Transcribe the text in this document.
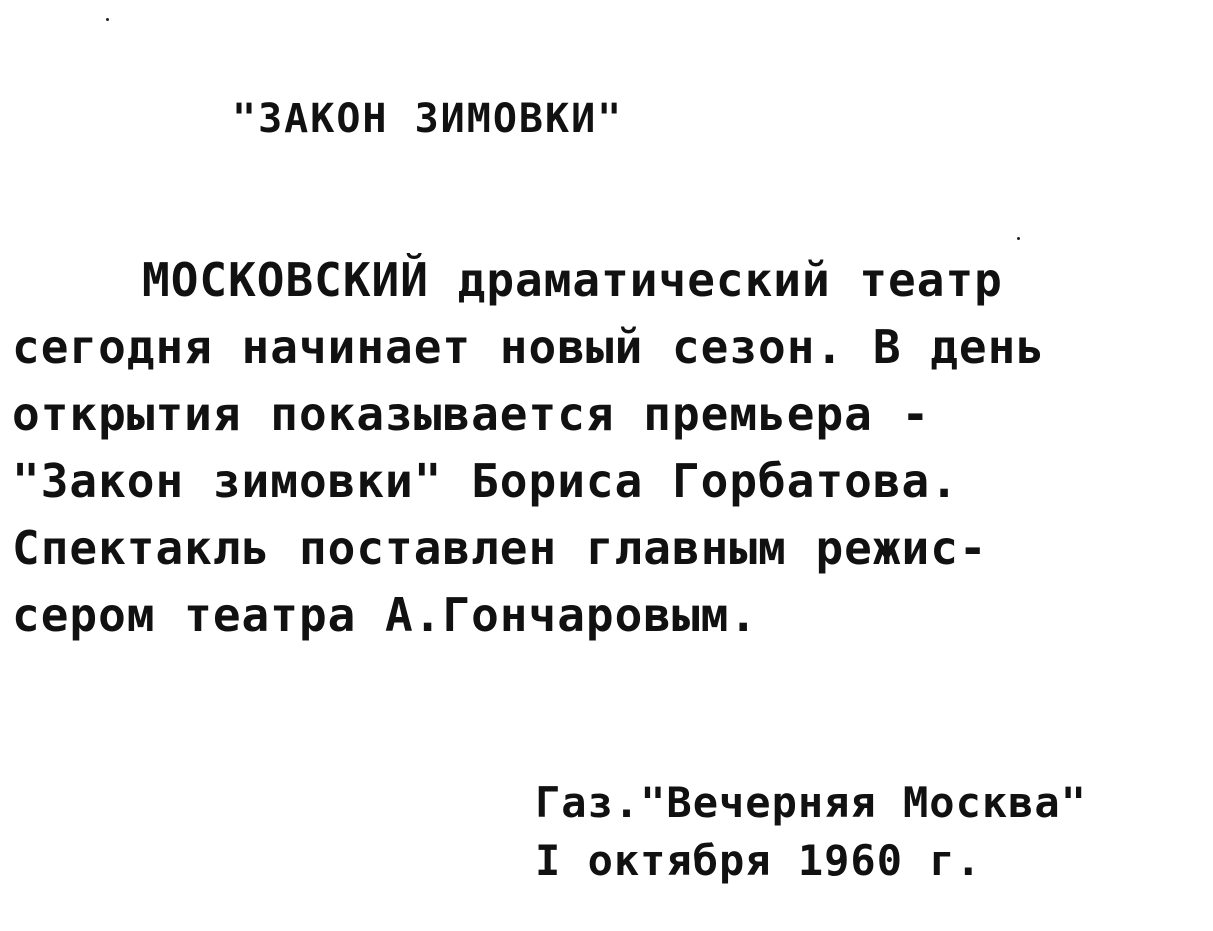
"ЗАКОН ЗИМОВКИ"
МОСКОВСКИЙ драматический театр
сегодня начинает новый сезон. В день
открытия показывается премьера -
"Закон зимовки" Бориса Горбатова.
Спектакль поставлен главным режис-
сером театра А.Гончаровым.
Газ."Вечерняя Москва"
I октября 1960 г.
